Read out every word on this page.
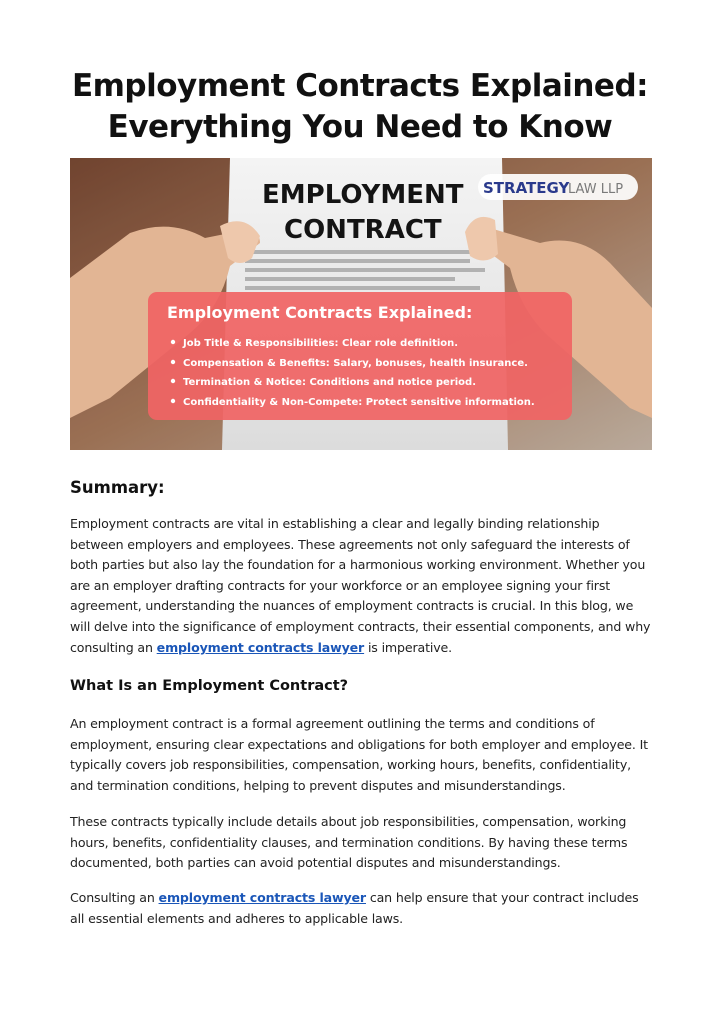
Employment Contracts Explained:
Everything You Need to Know
EMPLOYMENT
CONTRACT
STRATEGY
LAW LLP
Employment Contracts Explained:
Job Title & Responsibilities: Clear role definition.
Compensation & Benefits: Salary, bonuses, health insurance.
Termination & Notice: Conditions and notice period.
Confidentiality & Non-Compete: Protect sensitive information.
Summary:

Employment contracts are vital in establishing a clear and legally binding relationship between employers and employees. These agreements not only safeguard the interests of both parties but also lay the foundation for a harmonious working environment. Whether you are an employer drafting contracts for your workforce or an employee signing your first agreement, understanding the nuances of employment contracts is crucial. In this blog, we will delve into the significance of employment contracts, their essential components, and why consulting an employment contracts lawyer is imperative.

What Is an Employment Contract?

An employment contract is a formal agreement outlining the terms and conditions of employment, ensuring clear expectations and obligations for both employer and employee. It typically covers job responsibilities, compensation, working hours, benefits, confidentiality, and termination conditions, helping to prevent disputes and misunderstandings.

These contracts typically include details about job responsibilities, compensation, working hours, benefits, confidentiality clauses, and termination conditions. By having these terms documented, both parties can avoid potential disputes and misunderstandings.

Consulting an employment contracts lawyer can help ensure that your contract includes all essential elements and adheres to applicable laws.
